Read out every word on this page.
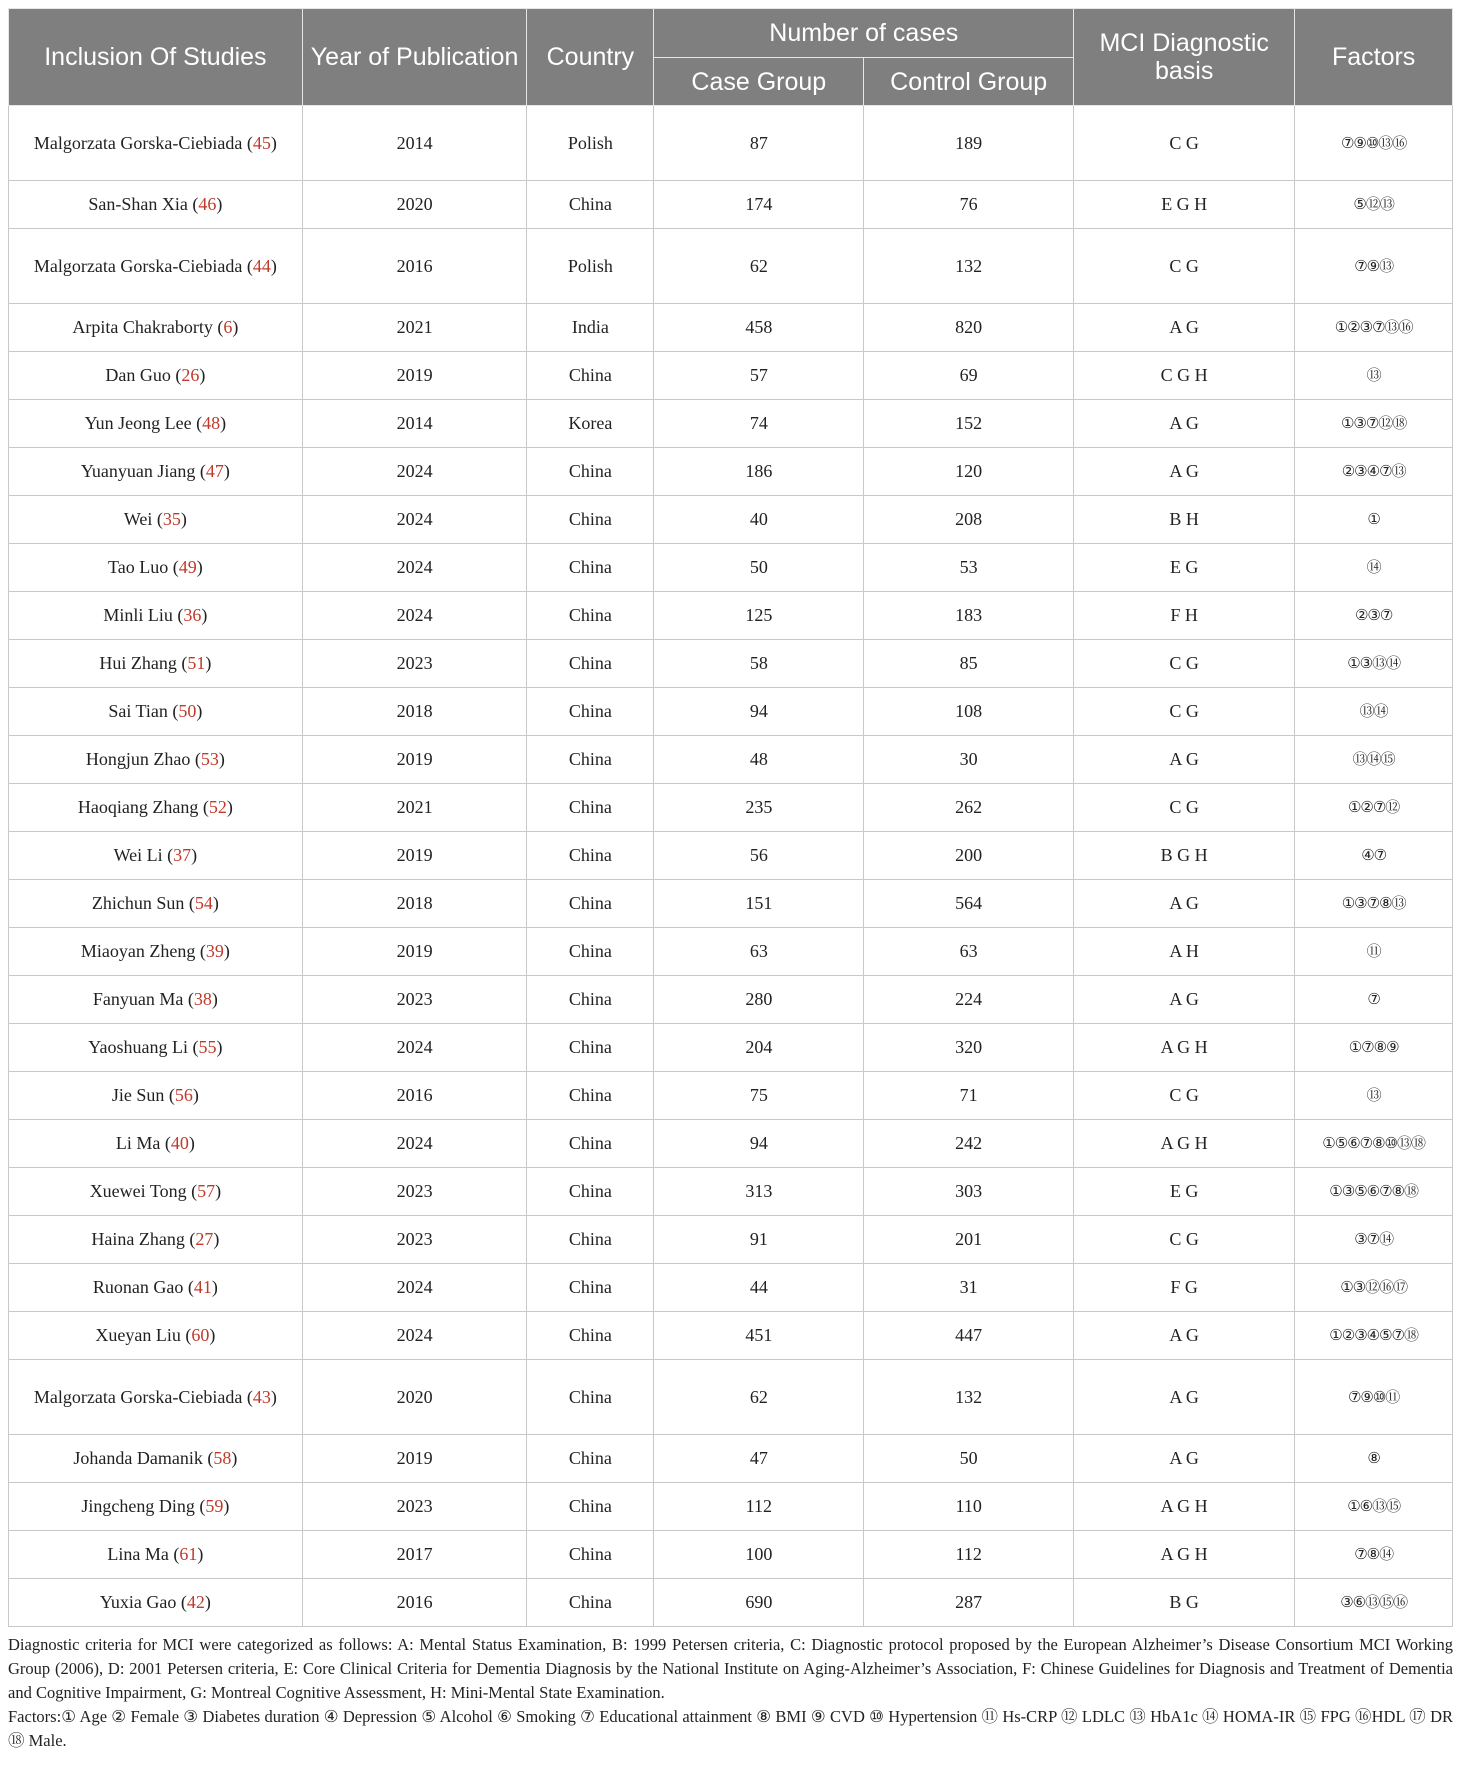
Inclusion Of Studies	Year of Publication	Country	Number of cases		MCI Diagnostic basis	Factors
			Case Group	Control Group		
Malgorzata Gorska-Ciebiada (45)	2014	Polish	87	189	C G	⑦⑨⑩⑬⑯
San-Shan Xia (46)	2020	China	174	76	E G H	⑤⑫⑬
Malgorzata Gorska-Ciebiada (44)	2016	Polish	62	132	C G	⑦⑨⑬
Arpita Chakraborty (6)	2021	India	458	820	A G	①②③⑦⑬⑯
Dan Guo (26)	2019	China	57	69	C G H	⑬
Yun Jeong Lee (48)	2014	Korea	74	152	A G	①③⑦⑫⑱
Yuanyuan Jiang (47)	2024	China	186	120	A G	②③④⑦⑬
Wei (35)	2024	China	40	208	B H	①
Tao Luo (49)	2024	China	50	53	E G	⑭
Minli Liu (36)	2024	China	125	183	F H	②③⑦
Hui Zhang (51)	2023	China	58	85	C G	①③⑬⑭
Sai Tian (50)	2018	China	94	108	C G	⑬⑭
Hongjun Zhao (53)	2019	China	48	30	A G	⑬⑭⑮
Haoqiang Zhang (52)	2021	China	235	262	C G	①②⑦⑫
Wei Li (37)	2019	China	56	200	B G H	④⑦
Zhichun Sun (54)	2018	China	151	564	A G	①③⑦⑧⑬
Miaoyan Zheng (39)	2019	China	63	63	A H	⑪
Fanyuan Ma (38)	2023	China	280	224	A G	⑦
Yaoshuang Li (55)	2024	China	204	320	A G H	①⑦⑧⑨
Jie Sun (56)	2016	China	75	71	C G	⑬
Li Ma (40)	2024	China	94	242	A G H	①⑤⑥⑦⑧⑩⑬⑱
Xuewei Tong (57)	2023	China	313	303	E G	①③⑤⑥⑦⑧⑱
Haina Zhang (27)	2023	China	91	201	C G	③⑦⑭
Ruonan Gao (41)	2024	China	44	31	F G	①③⑫⑯⑰
Xueyan Liu (60)	2024	China	451	447	A G	①②③④⑤⑦⑱
Malgorzata Gorska-Ciebiada (43)	2020	China	62	132	A G	⑦⑨⑩⑪
Johanda Damanik (58)	2019	China	47	50	A G	⑧
Jingcheng Ding (59)	2023	China	112	110	A G H	①⑥⑬⑮
Lina Ma (61)	2017	China	100	112	A G H	⑦⑧⑭
Yuxia Gao (42)	2016	China	690	287	B G	③⑥⑬⑮⑯

Diagnostic criteria for MCI were categorized as follows: A: Mental Status Examination, B: 1999 Petersen criteria, C: Diagnostic protocol proposed by the European Alzheimer’s Disease Consortium MCI Working Group (2006), D: 2001 Petersen criteria, E: Core Clinical Criteria for Dementia Diagnosis by the National Institute on Aging-Alzheimer’s Association, F: Chinese Guidelines for Diagnosis and Treatment of Dementia and Cognitive Impairment, G: Montreal Cognitive Assessment, H: Mini-Mental State Examination.

Factors:① Age ② Female ③ Diabetes duration ④ Depression ⑤ Alcohol ⑥ Smoking ⑦ Educational attainment ⑧ BMI ⑨ CVD ⑩ Hypertension ⑪ Hs-CRP ⑫ LDLC ⑬ HbA1c ⑭ HOMA-IR ⑮ FPG ⑯HDL ⑰ DR ⑱ Male.
